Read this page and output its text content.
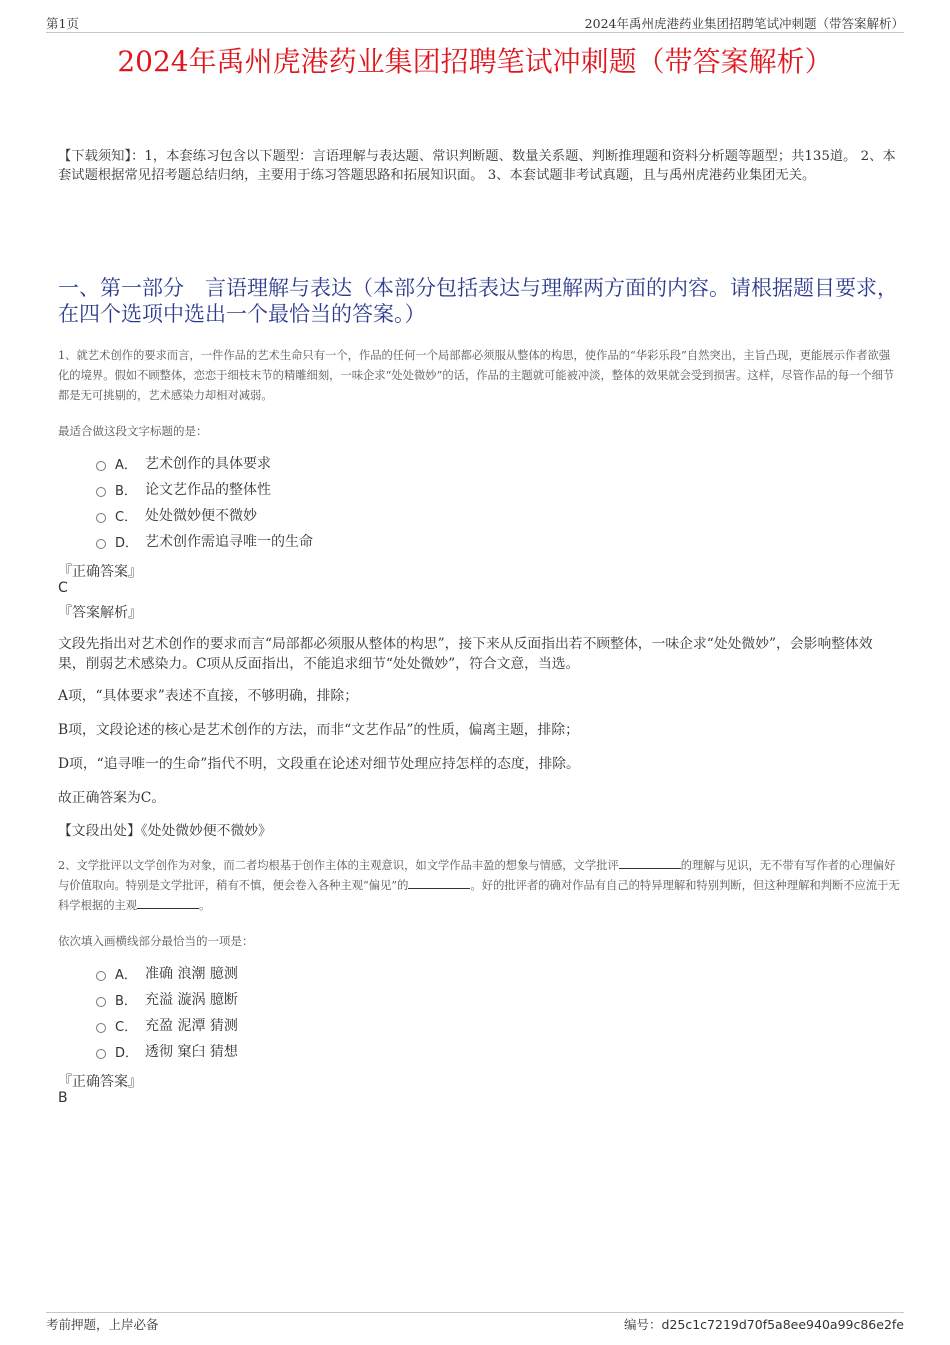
第1页	2024年禹州虎港药业集团招聘笔试冲刺题（带答案解析）
2024年禹州虎港药业集团招聘笔试冲刺题（带答案解析）
【下载须知】：1，本套练习包含以下题型：言语理解与表达题、常识判断题、数量关系题、判断推理题和资料分析题等题型；共135道。 2、本套试题根据常见招考题总结归纳，主要用于练习答题思路和拓展知识面。 3、本套试题非考试真题，且与禹州虎港药业集团无关。
一、第一部分　言语理解与表达（本部分包括表达与理解两方面的内容。请根据题目要求，在四个选项中选出一个最恰当的答案。）
1、就艺术创作的要求而言，一件作品的艺术生命只有一个，作品的任何一个局部都必须服从整体的构思，使作品的“华彩乐段”自然突出，主旨凸现，更能展示作者欲强化的境界。假如不顾整体，恋恋于细枝末节的精雕细刻，一味企求“处处微妙”的话，作品的主题就可能被冲淡，整体的效果就会受到损害。这样，尽管作品的每一个细节都是无可挑剔的，艺术感染力却相对减弱。
最适合做这段文字标题的是：
A． 艺术创作的具体要求
B． 论文艺作品的整体性
C． 处处微妙便不微妙
D． 艺术创作需追寻唯一的生命
『正确答案』
C
『答案解析』
文段先指出对艺术创作的要求而言“局部都必须服从整体的构思”，接下来从反面指出若不顾整体，一味企求“处处微妙”，会影响整体效果，削弱艺术感染力。C项从反面指出，不能追求细节“处处微妙”，符合文意，当选。
A项，“具体要求”表述不直接，不够明确，排除；
B项，文段论述的核心是艺术创作的方法，而非“文艺作品”的性质，偏离主题，排除；
D项，“追寻唯一的生命”指代不明，文段重在论述对细节处理应持怎样的态度，排除。
故正确答案为C。
【文段出处】《处处微妙便不微妙》
2、文学批评以文学创作为对象，而二者均根基于创作主体的主观意识，如文学作品丰盈的想象与情感，文学批评	的理解与见识，无不带有写作者的心理偏好与价值取向。特别是文学批评，稍有不慎，便会卷入各种主观“偏见”的	。好的批评者的确对作品有自己的特异理解和特别判断，但这种理解和判断不应流于无科学根据的主观	。
依次填入画横线部分最恰当的一项是：
A． 准确 浪潮 臆测
B． 充溢 漩涡 臆断
C． 充盈 泥潭 猜测
D． 透彻 窠臼 猜想
『正确答案』
B
考前押题，上岸必备	编号：d25c1c7219d70f5a8ee940a99c86e2fe
